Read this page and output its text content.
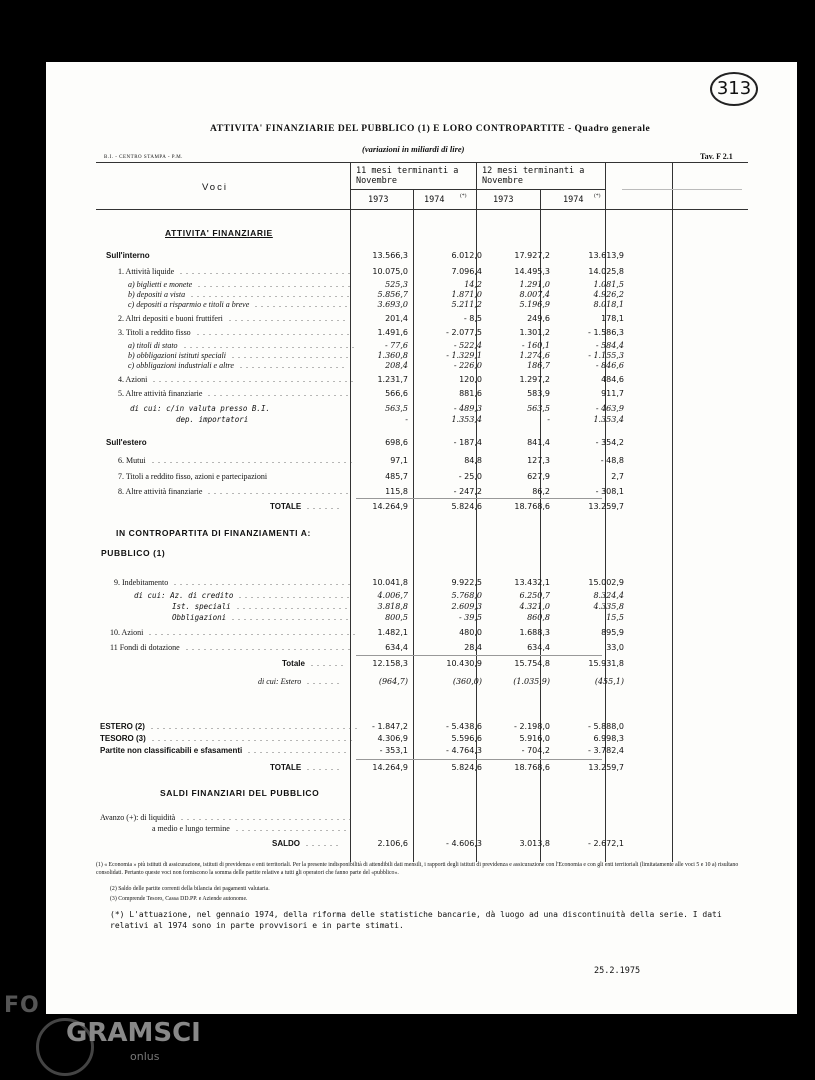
313
ATTIVITA' FINANZIARIE DEL PUBBLICO (1) E LORO CONTROPARTITE - Quadro generale
(variazioni in miliardi di lire)
B.I. - CENTRO STAMPA - P.M.	Tav. F 2.1
Voci
11 mesi terminanti a Novembre
12 mesi terminanti a Novembre
1973	1974	(*)	1973	1974 (*)
ATTIVITA' FINANZIARIE
IN CONTROPARTITA DI FINANZIAMENTI A:
PUBBLICO (1)
SALDI FINANZIARI DEL PUBBLICO
Sull'interno	13.566,3	6.012,0	17.927,2	13.613,9
1. Attività liquide . . . . . . . . . . . . . . . . . . . . . . . . . . . . .	10.075,0	7.096,4	14.495,3	14.025,8
a) biglietti e monete . . . . . . . . . . . . . . . . . . . . . . . . . .	525,3	14,2	1.291,0	1.081,5
b) depositi a vista . . . . . . . . . . . . . . . . . . . . . . . . . . .	5.856,7	1.871,0	8.007,4	4.926,2
c) depositi a risparmio e titoli a breve . . . . . . . . . . . . . . . .	3.693,0	5.211,2	5.196,9	8.018,1
2. Altri depositi e buoni fruttiferi . . . . . . . . . . . . . . . . . . . .	201,4	- 8,5	249,6	178,1
3. Titoli a reddito fisso . . . . . . . . . . . . . . . . . . . . . . . . . .	1.491,6	- 2.077,5	1.301,2	- 1.586,3
a) titoli di stato . . . . . . . . . . . . . . . . . . . . . . . . . . . . .	- 77,6	- 522,4	- 160,1	- 584,4
b) obbligazioni istituti speciali . . . . . . . . . . . . . . . . . . . .	1.360,8	- 1.329,1	1.274,6	- 1.155,3
c) obbligazioni industriali e altre . . . . . . . . . . . . . . . . . .	208,4	- 226,0	186,7	- 846,6
4. Azioni . . . . . . . . . . . . . . . . . . . . . . . . . . . . . . . . . .	1.231,7	120,0	1.297,2	484,6
5. Altre attività finanziarie . . . . . . . . . . . . . . . . . . . . . . . .	566,6	881,6	583,9	911,7
di cui: c/in valuta presso B.I.	563,5	- 489,3	563,5	- 463,9
dep. importatori	-	1.353,4	-	1.353,4
Sull'estero	698,6	- 187,4	841,4	- 354,2
6. Mutui . . . . . . . . . . . . . . . . . . . . . . . . . . . . . . . . . .	97,1	84,8	127,3	- 48,8
7. Titoli a reddito fisso, azioni e partecipazioni	485,7	- 25,0	627,9	2,7
8. Altre attività finanziarie . . . . . . . . . . . . . . . . . . . . . . . .	115,8	- 247,2	86,2	- 308,1
TOTALE . . . . . .	14.264,9	5.824,6	18.768,6	13.259,7
9. Indebitamento . . . . . . . . . . . . . . . . . . . . . . . . . . . . . .	10.041,8	9.922,5	13.432,1	15.002,9
di cui: Az. di credito . . . . . . . . . . . . . . . . . . .	4.006,7	5.768,0	6.250,7	8.324,4
Ist. speciali . . . . . . . . . . . . . . . . . . .	3.818,8	2.609,3	4.321,0	4.335,8
Obbligazioni . . . . . . . . . . . . . . . . . . . .	800,5	- 39,5	860,8	15,5
10. Azioni . . . . . . . . . . . . . . . . . . . . . . . . . . . . . . . . . . .	1.482,1	480,0	1.688,3	895,9
11 Fondi di dotazione . . . . . . . . . . . . . . . . . . . . . . . . . . . .	634,4	28,4	634,4	33,0
Totale . . . . . .	12.158,3	10.430,9	15.754,8	15.931,8
di cui: Estero . . . . . .	(964,7)	(360,0)	(1.035,9)	(455,1)
ESTERO (2) . . . . . . . . . . . . . . . . . . . . . . . . . . . . . . . . . . .	- 1.847,2	- 5.438,6	- 2.198,0	- 5.888,0
TESORO (3) . . . . . . . . . . . . . . . . . . . . . . . . . . . . . . . . . .	4.306,9	5.596,6	5.916,0	6.998,3
Partite non classificabili e sfasamenti . . . . . . . . . . . . . . . . .	- 353,1	- 4.764,3	- 704,2	- 3.782,4
TOTALE . . . . . .	14.264,9	5.824,6	18.768,6	13.259,7
Avanzo (+): di liquidità . . . . . . . . . . . . . . . . . . . . . . . . . . . . .
a medio e lungo termine . . . . . . . . . . . . . . . . . . .
SALDO . . . . . .	2.106,6	- 4.606,3	3.013,8	- 2.672,1
(1) « Economia » più istituti di assicurazione, istituti di previdenza e enti territoriali. Per la presente indisponibilità di attendibili dati mensili, i rapporti degli istituti di previdenza e assicurazione con l'Economia e con gli enti territoriali (limitatamente alle voci 5 e 10 a) risultano consolidati. Pertanto queste voci non forniscono la somma delle partite relative a tutti gli operatori che fanno parte del «pubblico».
(2) Saldo delle partite correnti della bilancia dei pagamenti valutaria.
(3) Comprende Tesoro, Cassa DD.PP. e Aziende autonome.
(*) L'attuazione, nel gennaio 1974, della riforma delle statistiche bancarie, dà luogo ad una discontinuità della serie. I dati relativi al 1974 sono in parte provvisori e in parte stimati.
25.2.1975
FO
GRAMSCI
onlus
